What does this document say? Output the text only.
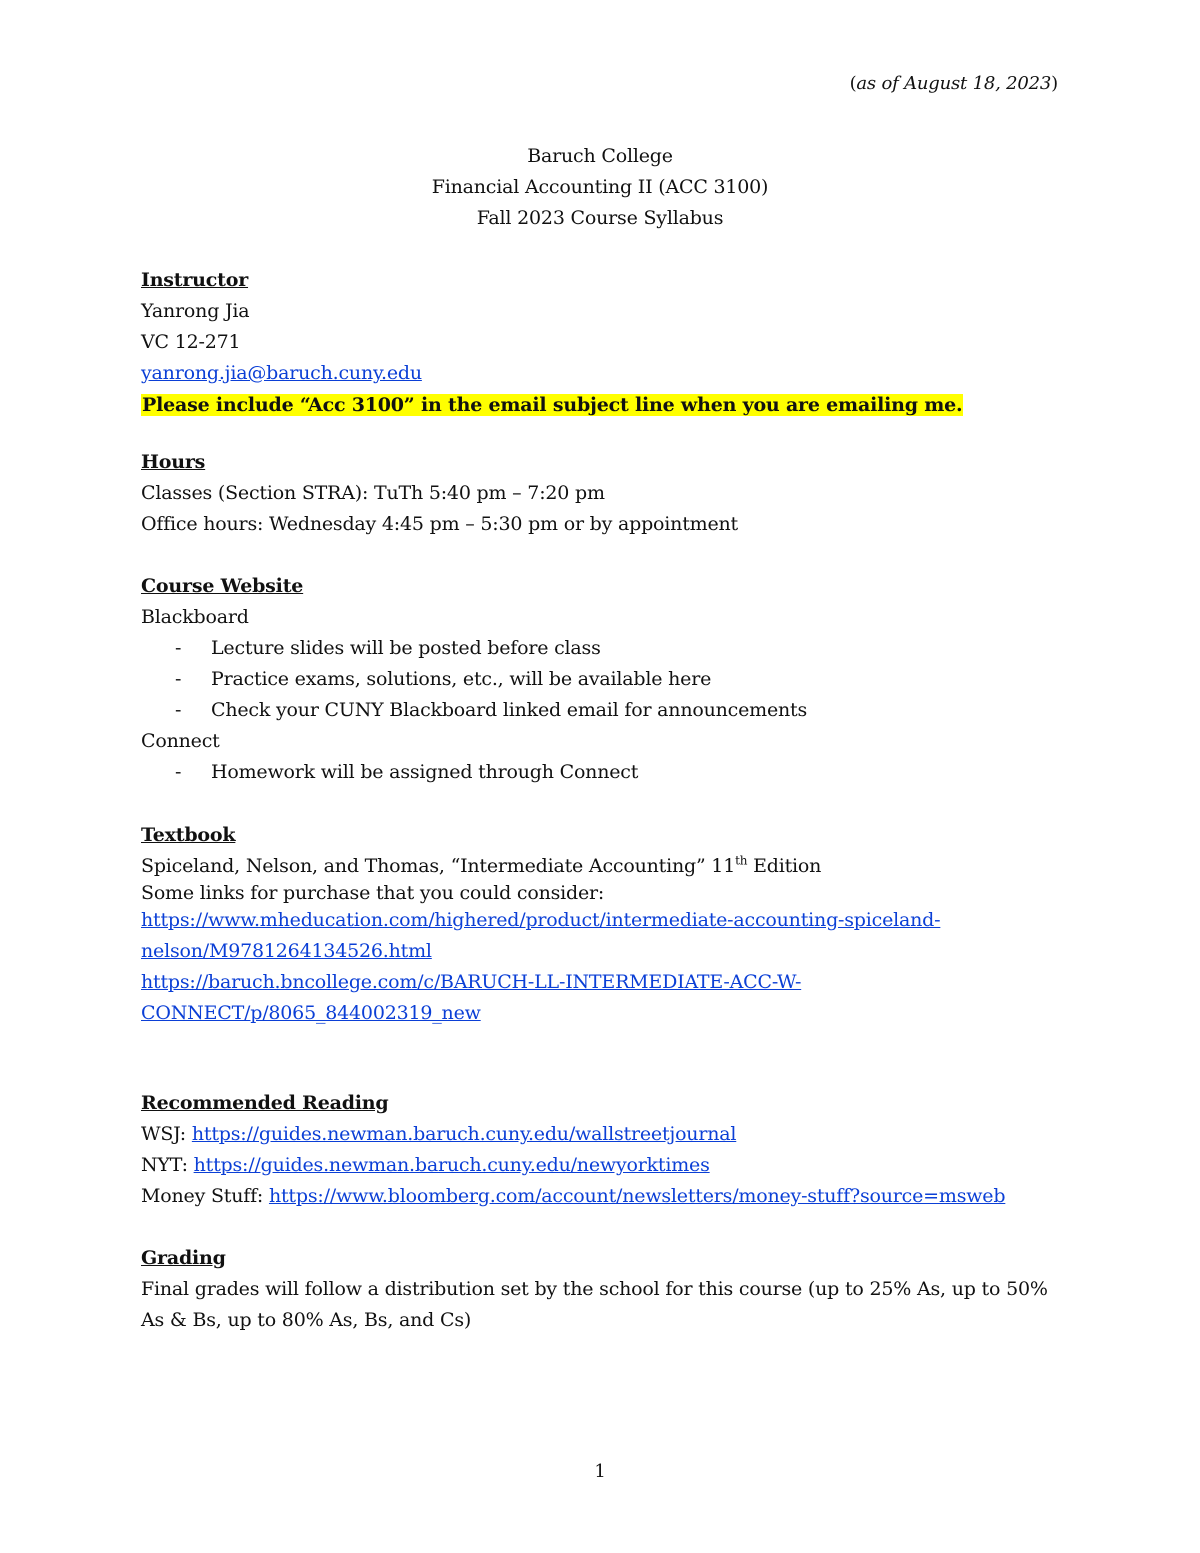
(as of August 18, 2023)
Baruch College
Financial Accounting II (ACC 3100)
Fall 2023 Course Syllabus
Instructor
Yanrong Jia
VC 12-271
yanrong.jia@baruch.cuny.edu
Please include “Acc 3100” in the email subject line when you are emailing me.
Hours
Classes (Section STRA): TuTh 5:40 pm – 7:20 pm
Office hours: Wednesday 4:45 pm – 5:30 pm or by appointment
Course Website
Blackboard
- Lecture slides will be posted before class
- Practice exams, solutions, etc., will be available here
- Check your CUNY Blackboard linked email for announcements
Connect
- Homework will be assigned through Connect
Textbook
Spiceland, Nelson, and Thomas, “Intermediate Accounting” 11th Edition
Some links for purchase that you could consider:
https://www.mheducation.com/highered/product/intermediate-accounting-spiceland-
nelson/M9781264134526.html
https://baruch.bncollege.com/c/BARUCH-LL-INTERMEDIATE-ACC-W-
CONNECT/p/8065_844002319_new
Recommended Reading
WSJ: https://guides.newman.baruch.cuny.edu/wallstreetjournal
NYT: https://guides.newman.baruch.cuny.edu/newyorktimes
Money Stuff: https://www.bloomberg.com/account/newsletters/money-stuff?source=msweb
Grading
Final grades will follow a distribution set by the school for this course (up to 25% As, up to 50%
As & Bs, up to 80% As, Bs, and Cs)
1
